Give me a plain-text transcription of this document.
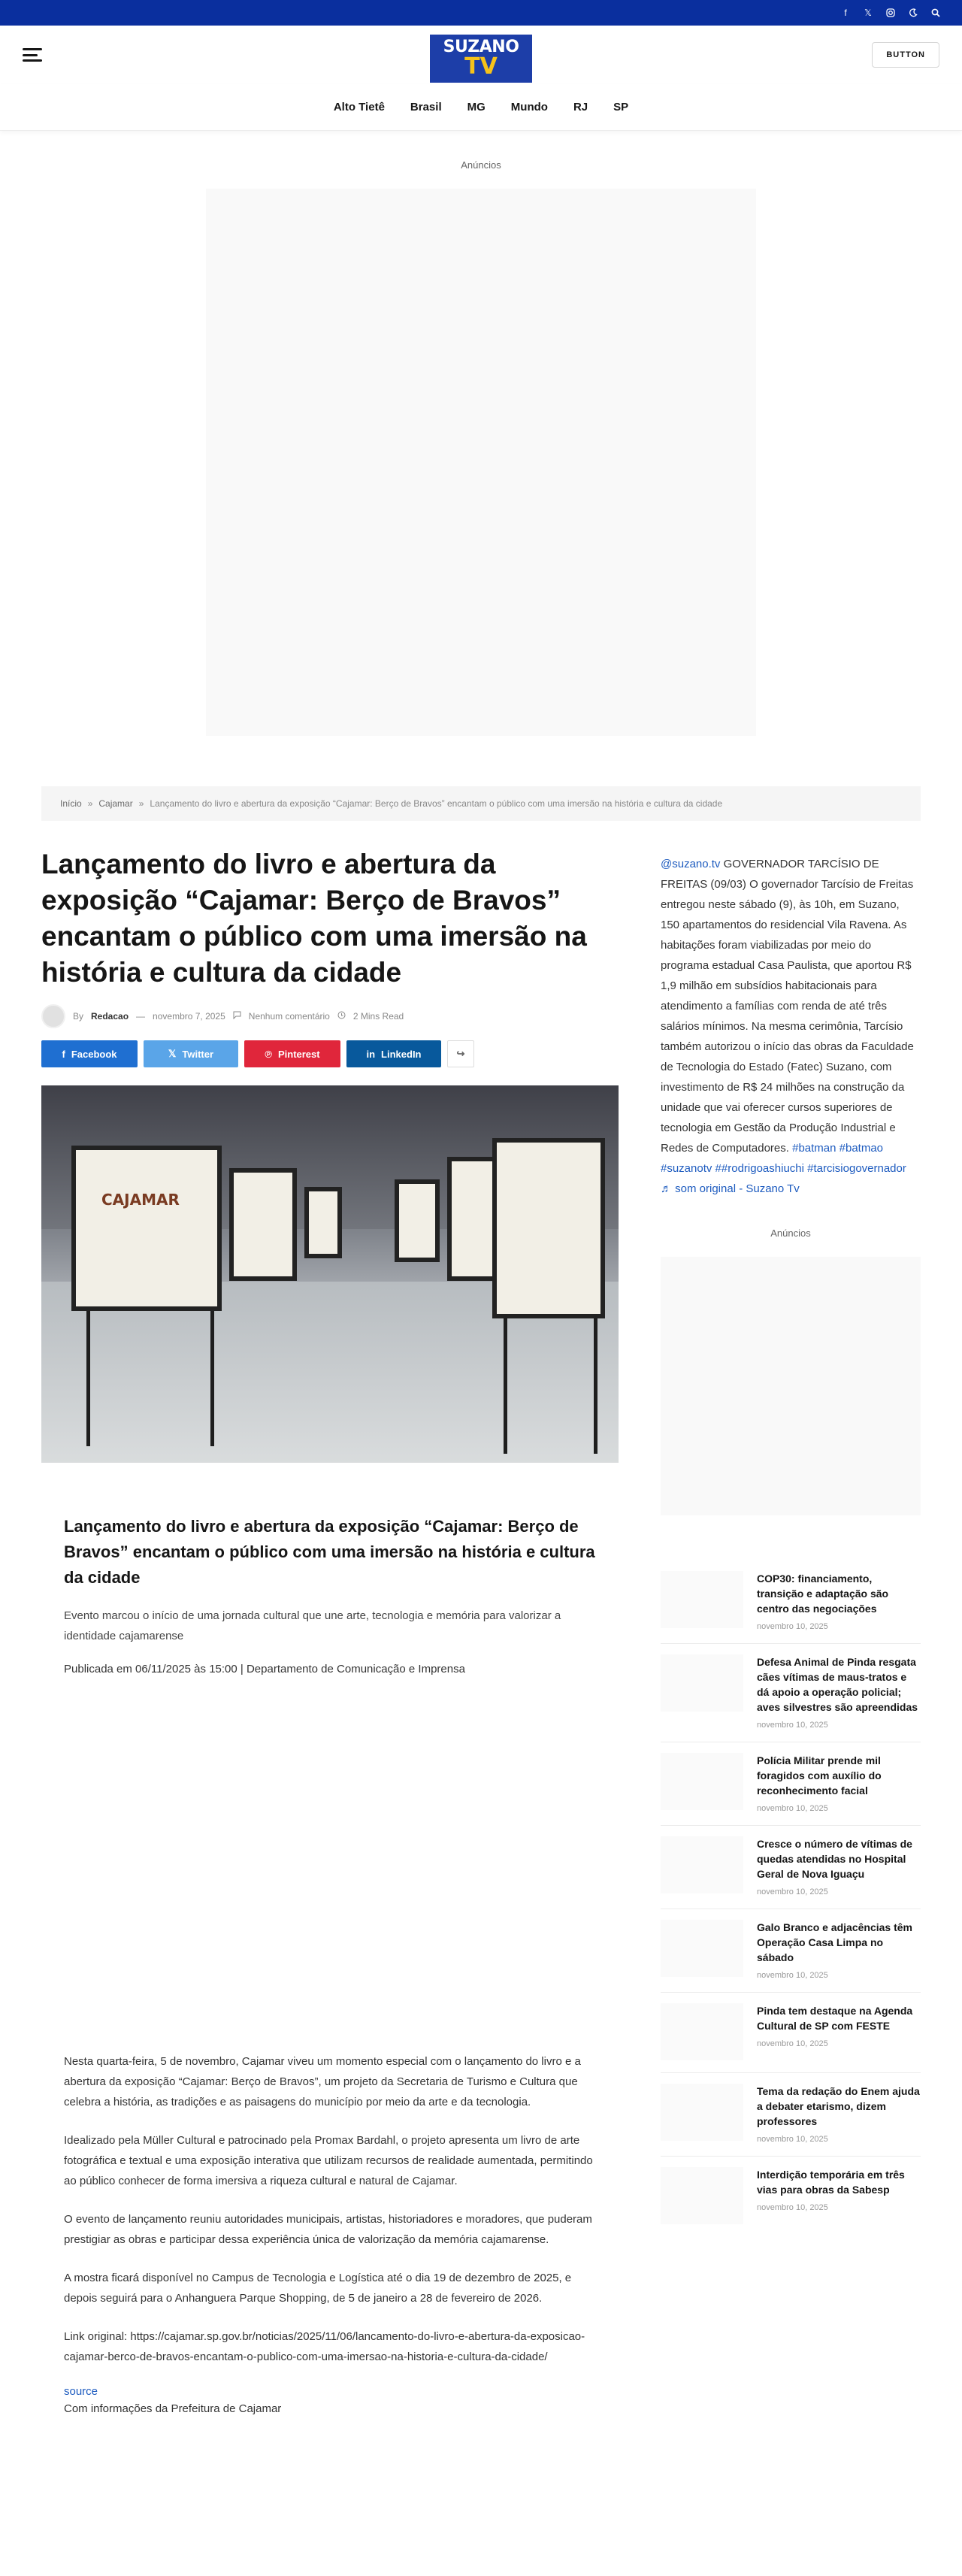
f	𝕏
BUTTON
SUZANO
TV
Alto Tietê Brasil MG Mundo RJ SP
Anúncios
Início » Cajamar » Lançamento do livro e abertura da exposição “Cajamar: Berço de Bravos” encantam o público com uma imersão na história e cultura da cidade
Lançamento do livro e abertura da exposição “Cajamar: Berço de Bravos” encantam o público com uma imersão na história e cultura da cidade
By Redacao — novembro 7, 2025	Nenhum comentário	2 Mins Read
f Facebook	𝕏 Twitter	℗ Pinterest	in LinkedIn	↪
CAJAMAR
Lançamento do livro e abertura da exposição “Cajamar: Berço de Bravos” encantam o público com uma imersão na história e cultura da cidade

Evento marcou o início de uma jornada cultural que une arte, tecnologia e memória para valorizar a identidade cajamarense

Publicada em 06/11/2025 às 15:00 | Departamento de Comunicação e Imprensa

Nesta quarta-feira, 5 de novembro, Cajamar viveu um momento especial com o lançamento do livro e a abertura da exposição “Cajamar: Berço de Bravos”, um projeto da Secretaria de Turismo e Cultura que celebra a história, as tradições e as paisagens do município por meio da arte e da tecnologia.

Idealizado pela Müller Cultural e patrocinado pela Promax Bardahl, o projeto apresenta um livro de arte fotográfica e textual e uma exposição interativa que utilizam recursos de realidade aumentada, permitindo ao público conhecer de forma imersiva a riqueza cultural e natural de Cajamar.

O evento de lançamento reuniu autoridades municipais, artistas, historiadores e moradores, que puderam prestigiar as obras e participar dessa experiência única de valorização da memória cajamarense.

A mostra ficará disponível no Campus de Tecnologia e Logística até o dia 19 de dezembro de 2025, e depois seguirá para o Anhanguera Parque Shopping, de 5 de janeiro a 28 de fevereiro de 2026.

Link original: https://cajamar.sp.gov.br/noticias/2025/11/06/lancamento-do-livro-e-abertura-da-exposicao-cajamar-berco-de-bravos-encantam-o-publico-com-uma-imersao-na-historia-e-cultura-da-cidade/

source
Com informações da Prefeitura de Cajamar

@suzano.tv GOVERNADOR TARCÍSIO DE FREITAS (09/03) O governador Tarcísio de Freitas entregou neste sábado (9), às 10h, em Suzano, 150 apartamentos do residencial Vila Ravena. As habitações foram viabilizadas por meio do programa estadual Casa Paulista, que aportou R$ 1,9 milhão em subsídios habitacionais para atendimento a famílias com renda de até três salários mínimos. Na mesma cerimônia, Tarcísio também autorizou o início das obras da Faculdade de Tecnologia do Estado (Fatec) Suzano, com investimento de R$ 24 milhões na construção da unidade que vai oferecer cursos superiores de tecnologia em Gestão da Produção Industrial e Redes de Computadores. #batman #batmao #suzanotv ##rodrigoashiuchi #tarcisiogovernador ♬ som original - Suzano Tv

Anúncios
COP30: financiamento, transição e adaptação são centro das negociações
novembro 10, 2025
Defesa Animal de Pinda resgata cães vítimas de maus-tratos e dá apoio a operação policial; aves silvestres são apreendidas
novembro 10, 2025
Polícia Militar prende mil foragidos com auxílio do reconhecimento facial
novembro 10, 2025
Cresce o número de vítimas de quedas atendidas no Hospital Geral de Nova Iguaçu
novembro 10, 2025
Galo Branco e adjacências têm Operação Casa Limpa no sábado
novembro 10, 2025
Pinda tem destaque na Agenda Cultural de SP com FESTE
novembro 10, 2025
Tema da redação do Enem ajuda a debater etarismo, dizem professores
novembro 10, 2025
Interdição temporária em três vias para obras da Sabesp
novembro 10, 2025
